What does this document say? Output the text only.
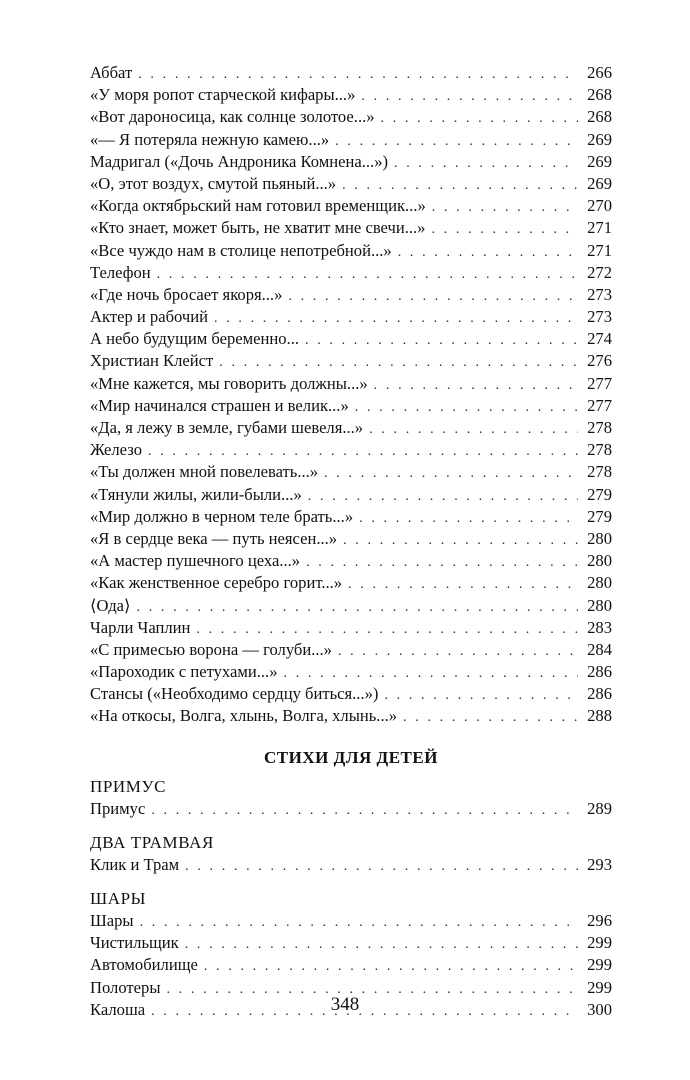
Аббат . . .	266
«У моря ропот старческой кифары...» . . .	268
«Вот дароносица, как солнце золотое...» . . .	268
«— Я потеряла нежную камею...» . . .	269
Мадригал («Дочь Андроника Комнена...») . . .	269
«О, этот воздух, смутой пьяный...» . . .	269
«Когда октябрьский нам готовил временщик...» . . .	270
«Кто знает, может быть, не хватит мне свечи...» . . .	271
«Все чуждо нам в столице непотребной...» . . .	271
Телефон . . .	272
«Где ночь бросает якоря...» . . .	273
Актер и рабочий . . .	273
А небо будущим беременно... . . .	274
Христиан Клейст . . .	276
«Мне кажется, мы говорить должны...» . . .	277
«Мир начинался страшен и велик...» . . .	277
«Да, я лежу в земле, губами шевеля...» . . .	278
Железо . . .	278
«Ты должен мной повелевать...» . . .	278
«Тянули жилы, жили-были...» . . .	279
«Мир должно в черном теле брать...» . . .	279
«Я в сердце века — путь неясен...» . . .	280
«А мастер пушечного цеха...» . . .	280
«Как женственное серебро горит...» . . .	280
⟨Ода⟩ . . .	280
Чарли Чаплин . . .	283
«С примесью ворона — голуби...» . . .	284
«Пароходик с петухами...» . . .	286
Стансы («Необходимо сердцу биться...») . . .	286
«На откосы, Волга, хлынь, Волга, хлынь...» . . .	288
СТИХИ ДЛЯ ДЕТЕЙ
ПРИМУС
Примус . . .	289
ДВА ТРАМВАЯ
Клик и Трам . . .	293
ШАРЫ
Шары . . .	296
Чистильщик . . .	299
Автомобилище . . .	299
Полотеры . . .	299
Калоша . . .	300
348
